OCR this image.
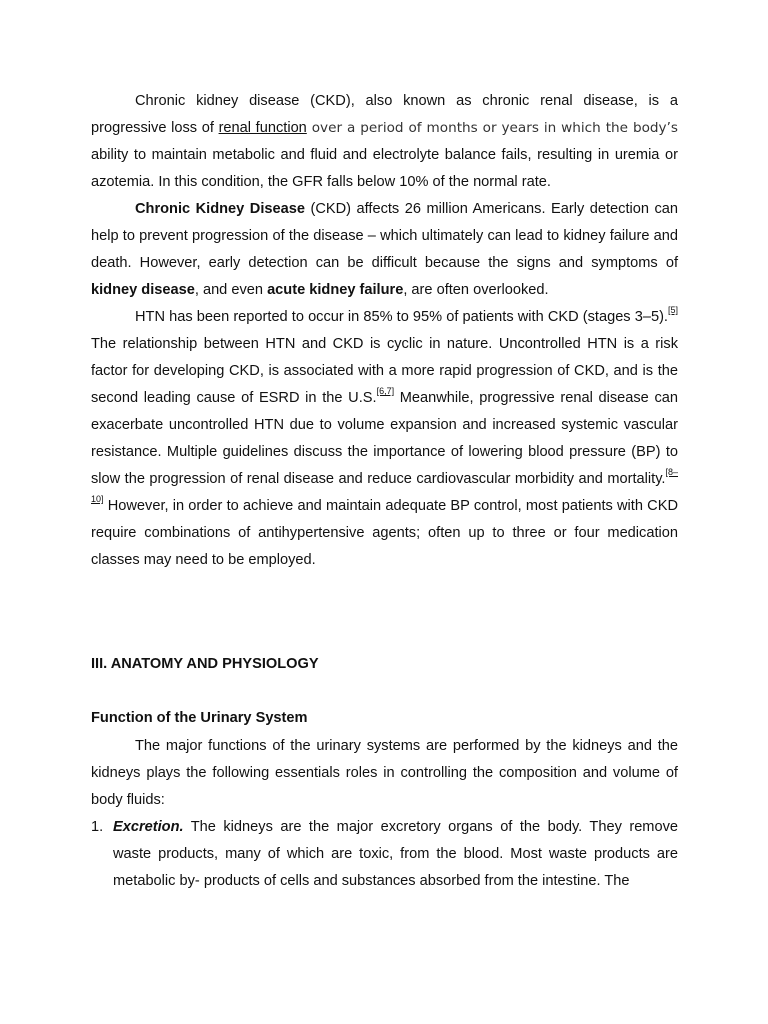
Chronic kidney disease (CKD), also known as chronic renal disease, is a progressive loss of renal function over a period of months or years in which the body’s ability to maintain metabolic and fluid and electrolyte balance fails, resulting in uremia or azotemia. In this condition, the GFR falls below 10% of the normal rate.

Chronic Kidney Disease (CKD) affects 26 million Americans. Early detection can help to prevent progression of the disease – which ultimately can lead to kidney failure and death. However, early detection can be difficult because the signs and symptoms of kidney disease, and even acute kidney failure, are often overlooked.

HTN has been reported to occur in 85% to 95% of patients with CKD (stages 3–5).[5] The relationship between HTN and CKD is cyclic in nature. Uncontrolled HTN is a risk factor for developing CKD, is associated with a more rapid progression of CKD, and is the second leading cause of ESRD in the U.S.[6,7] Meanwhile, progressive renal disease can exacerbate uncontrolled HTN due to volume expansion and increased systemic vascular resistance. Multiple guidelines discuss the importance of lowering blood pressure (BP) to slow the progression of renal disease and reduce cardiovascular morbidity and mortality.[8–10] However, in order to achieve and maintain adequate BP control, most patients with CKD require combinations of antihypertensive agents; often up to three or four medication classes may need to be employed.

III. ANATOMY AND PHYSIOLOGY
Function of the Urinary System

The major functions of the urinary systems are performed by the kidneys and the kidneys plays the following essentials roles in controlling the composition and volume of body fluids:

1. Excretion. The kidneys are the major excretory organs of the body. They remove waste products, many of which are toxic, from the blood. Most waste products are metabolic by- products of cells and substances absorbed from the intestine. The
